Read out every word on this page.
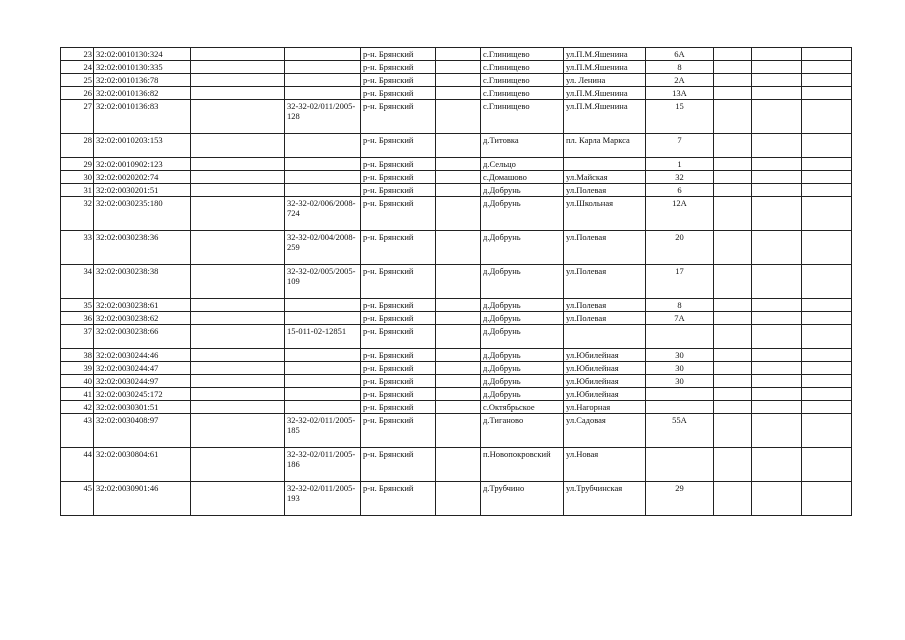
23	32:02:0010130:324			р-н. Брянский		с.Глинищево	ул.П.М.Яшенина	6А			
24	32:02:0010130:335			р-н. Брянский		с.Глинищево	ул.П.М.Яшенина	8			
25	32:02:0010136:78			р-н. Брянский		с.Глинищево	ул. Ленина	2А			
26	32:02:0010136:82			р-н. Брянский		с.Глинищево	ул.П.М.Яшенина	13А			
27	32:02:0010136:83		32-32-02/011/2005-128	р-н. Брянский		с.Глинищево	ул.П.М.Яшенина	15			
28	32:02:0010203:153			р-н. Брянский		д.Титовка	пл. Карла Маркса	7			
29	32:02:0010902:123			р-н. Брянский		д.Сельцо		1			
30	32:02:0020202:74			р-н. Брянский		с.Домашово	ул.Майская	32			
31	32:02:0030201:51			р-н. Брянский		д.Добрунь	ул.Полевая	6			
32	32:02:0030235:180		32-32-02/006/2008-724	р-н. Брянский		д.Добрунь	ул.Школьная	12А			
33	32:02:0030238:36		32-32-02/004/2008-259	р-н. Брянский		д.Добрунь	ул.Полевая	20			
34	32:02:0030238:38		32-32-02/005/2005-109	р-н. Брянский		д.Добрунь	ул.Полевая	17			
35	32:02:0030238:61			р-н. Брянский		д.Добрунь	ул.Полевая	8			
36	32:02:0030238:62			р-н. Брянский		д.Добрунь	ул.Полевая	7А			
37	32:02:0030238:66		15-011-02-12851	р-н. Брянский		д.Добрунь					
38	32:02:0030244:46			р-н. Брянский		д.Добрунь	ул.Юбилейная	30			
39	32:02:0030244:47			р-н. Брянский		д.Добрунь	ул.Юбилейная	30			
40	32:02:0030244:97			р-н. Брянский		д.Добрунь	ул.Юбилейная	30			
41	32:02:0030245:172			р-н. Брянский		д.Добрунь	ул.Юбилейная				
42	32:02:0030301:51			р-н. Брянский		с.Октябрьское	ул.Нагорная				
43	32:02:0030408:97		32-32-02/011/2005-185	р-н. Брянский		д.Тиганово	ул.Садовая	55А			
44	32:02:0030804:61		32-32-02/011/2005-186	р-н. Брянский		п.Новопокровский	ул.Новая				
45	32:02:0030901:46		32-32-02/011/2005-193	р-н. Брянский		д.Трубчино	ул.Трубчинская	29			
